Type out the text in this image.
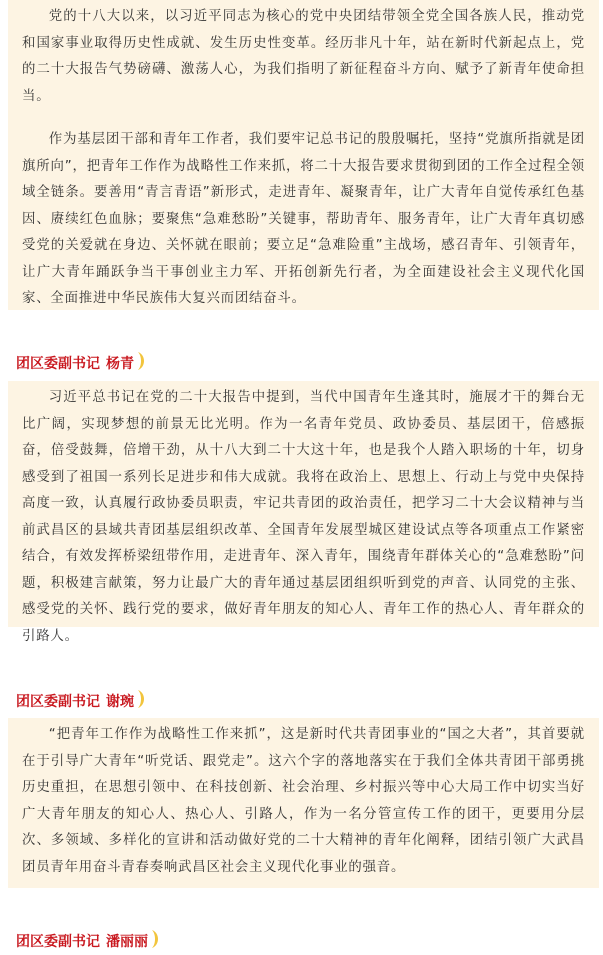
党的十八大以来，以习近平同志为核心的党中央团结带领全党全国各族人民，推动党和国家事业取得历史性成就、发生历史性变革。经历非凡十年，站在新时代新起点上，党的二十大报告气势磅礴、激荡人心，为我们指明了新征程奋斗方向、赋予了新青年使命担当。

作为基层团干部和青年工作者，我们要牢记总书记的殷殷嘱托，坚持“党旗所指就是团旗所向”，把青年工作作为战略性工作来抓，将二十大报告要求贯彻到团的工作全过程全领域全链条。要善用“青言青语”新形式，走进青年、凝聚青年，让广大青年自觉传承红色基因、赓续红色血脉；要聚焦“急难愁盼”关键事，帮助青年、服务青年，让广大青年真切感受党的关爱就在身边、关怀就在眼前；要立足“急难险重”主战场，感召青年、引领青年，让广大青年踊跃争当干事创业主力军、开拓创新先行者，为全面建设社会主义现代化国家、全面推进中华民族伟大复兴而团结奋斗。

团区委副书记 杨青

习近平总书记在党的二十大报告中提到，当代中国青年生逢其时，施展才干的舞台无比广阔，实现梦想的前景无比光明。作为一名青年党员、政协委员、基层团干，倍感振奋，倍受鼓舞，倍增干劲，从十八大到二十大这十年，也是我个人踏入职场的十年，切身感受到了祖国一系列长足进步和伟大成就。我将在政治上、思想上、行动上与党中央保持高度一致，认真履行政协委员职责，牢记共青团的政治责任，把学习二十大会议精神与当前武昌区的县域共青团基层组织改革、全国青年发展型城区建设试点等各项重点工作紧密结合，有效发挥桥梁纽带作用，走进青年、深入青年，围绕青年群体关心的“急难愁盼”问题，积极建言献策，努力让最广大的青年通过基层团组织听到党的声音、认同党的主张、感受党的关怀、践行党的要求，做好青年朋友的知心人、青年工作的热心人、青年群众的引路人。

团区委副书记 谢琬

“把青年工作作为战略性工作来抓”，这是新时代共青团事业的“国之大者”，其首要就在于引导广大青年“听党话、跟党走”。这六个字的落地落实在于我们全体共青团干部勇挑历史重担，在思想引领中、在科技创新、社会治理、乡村振兴等中心大局工作中切实当好广大青年朋友的知心人、热心人、引路人，作为一名分管宣传工作的团干，更要用分层次、多领域、多样化的宣讲和活动做好党的二十大精神的青年化阐释，团结引领广大武昌团员青年用奋斗青春奏响武昌区社会主义现代化事业的强音。

团区委副书记 潘丽丽
